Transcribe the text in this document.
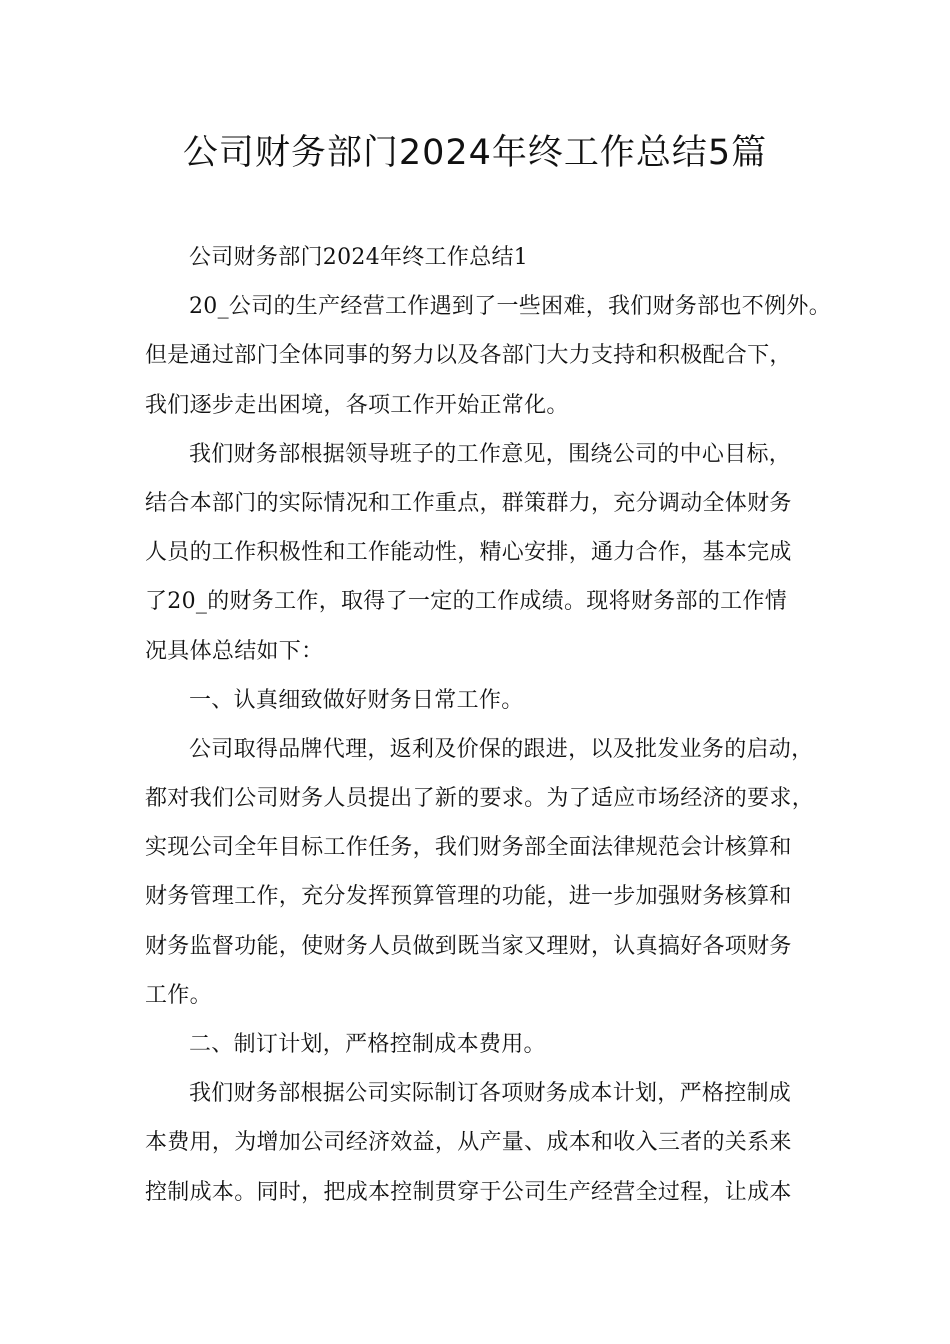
公司财务部门2024年终工作总结5篇
公司财务部门2024年终工作总结1
20_公司的生产经营工作遇到了一些困难，我们财务部也不例外。
但是通过部门全体同事的努力以及各部门大力支持和积极配合下，
我们逐步走出困境，各项工作开始正常化。
我们财务部根据领导班子的工作意见，围绕公司的中心目标，
结合本部门的实际情况和工作重点，群策群力，充分调动全体财务
人员的工作积极性和工作能动性，精心安排，通力合作，基本完成
了20_的财务工作，取得了一定的工作成绩。现将财务部的工作情
况具体总结如下：
一、认真细致做好财务日常工作。
公司取得品牌代理，返利及价保的跟进，以及批发业务的启动，
都对我们公司财务人员提出了新的要求。为了适应市场经济的要求，
实现公司全年目标工作任务，我们财务部全面法律规范会计核算和
财务管理工作，充分发挥预算管理的功能，进一步加强财务核算和
财务监督功能，使财务人员做到既当家又理财，认真搞好各项财务
工作。
二、制订计划，严格控制成本费用。
我们财务部根据公司实际制订各项财务成本计划，严格控制成
本费用，为增加公司经济效益，从产量、成本和收入三者的关系来
控制成本。同时，把成本控制贯穿于公司生产经营全过程，让成本
